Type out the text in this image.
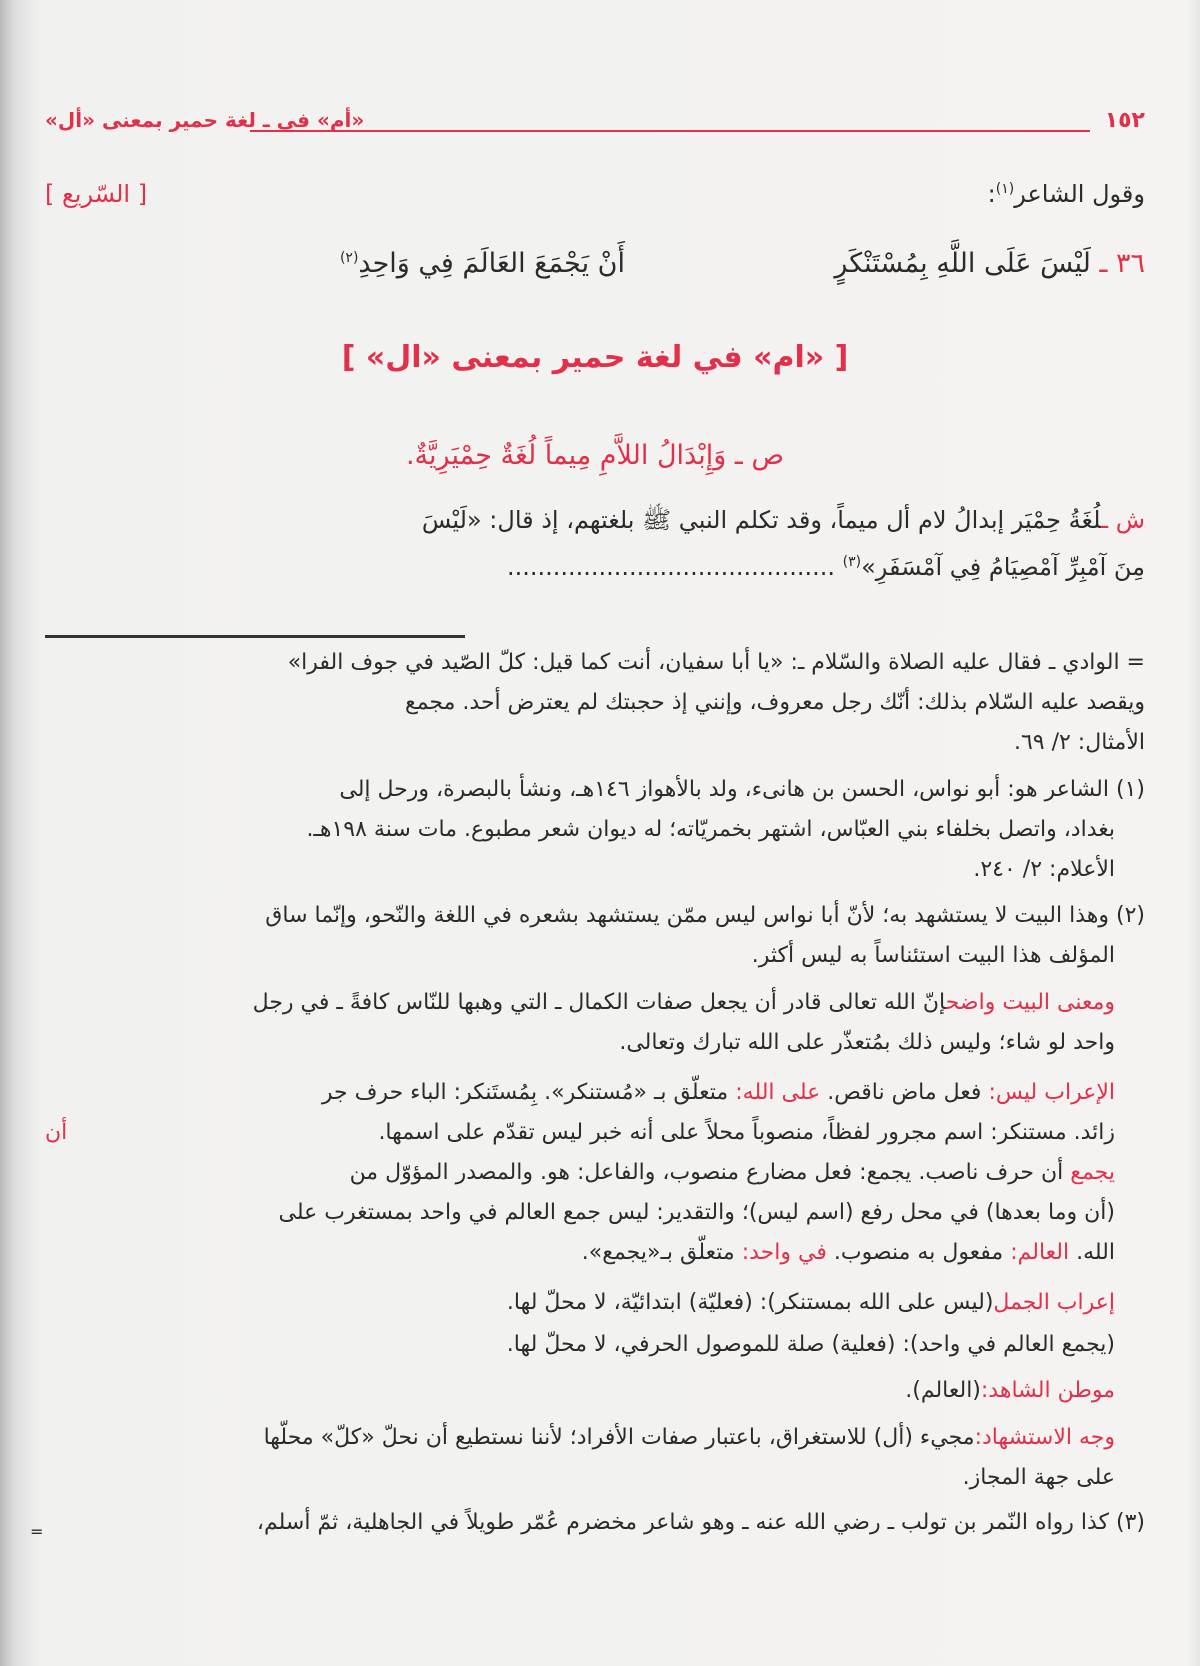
١٥٢
«أم» في ـ لغة حمير بمعنى «أل»
وقول الشاعر$^{(١)}$:
[ السّريع ]
٣٦ ـ لَيْسَ عَلَى اللَّهِ بِمُسْتَنْكَرٍ
أَنْ يَجْمَعَ العَالَمَ فِي وَاحِدِ$^{(٢)}$
[ «ام» في لغة حمير بمعنى «ال» ]
ص ـ وَإِبْدَالُ اللاَّمِ مِيماً لُغَةٌ حِمْيَرِيَّةٌ.
ش ـلُغَةُ حِمْيَر إبدالُ لام أل ميماً، وقد تكلم النبي ﷺ بلغتهم، إذ قال: «لَيْسَ
مِنَ آمْبِرِّ آمْصِيَامُ فِي آمْسَفَرِ»$^{(٣)}$ ...........................................
= الوادي ـ فقال عليه الصلاة والسّلام ـ: «يا أبا سفيان، أنت كما قيل: كلّ الصّيد في جوف الفرا»
ويقصد عليه السّلام بذلك: أنّك رجل معروف، وإنني إذ حجبتك لم يعترض أحد. مجمع
الأمثال: ٢/ ٦٩.
(١) الشاعر هو: أبو نواس، الحسن بن هانىء، ولد بالأهواز ١٤٦هـ، ونشأ بالبصرة، ورحل إلى
بغداد، واتصل بخلفاء بني العبّاس، اشتهر بخمريّاته؛ له ديوان شعر مطبوع. مات سنة ١٩٨هـ.
الأعلام: ٢/ ٢٤٠.
(٢) وهذا البيت لا يستشهد به؛ لأنّ أبا نواس ليس ممّن يستشهد بشعره في اللغة والنّحو، وإنّما ساق
المؤلف هذا البيت استئناساً به ليس أكثر.
ومعنى البيت واضحإنّ الله تعالى قادر أن يجعل صفات الكمال ـ التي وهبها للنّاس كافةً ـ في رجل
واحد لو شاء؛ وليس ذلك بمُتعذّر على الله تبارك وتعالى.
الإعراب ليس: فعل ماض ناقص. على الله: متعلّق بـ «مُستنكر». بِمُستَنكر: الباء حرف جر
زائد. مستنكر: اسم مجرور لفظاً، منصوباً محلاً على أنه خبر ليس تقدّم على اسمها.
أن
يجمع أن حرف ناصب. يجمع: فعل مضارع منصوب، والفاعل: هو. والمصدر المؤوّل من
(أن وما بعدها) في محل رفع (اسم ليس)؛ والتقدير: ليس جمع العالم في واحد بمستغرب على
الله. العالم: مفعول به منصوب. في واحد: متعلّق بـ«يجمع».
إعراب الجمل(ليس على الله بمستنكر): (فعليّة) ابتدائيّة، لا محلّ لها.
(يجمع العالم في واحد): (فعلية) صلة للموصول الحرفي، لا محلّ لها.
موطن الشاهد:(العالم).
وجه الاستشهاد:مجيء (أل) للاستغراق، باعتبار صفات الأفراد؛ لأننا نستطيع أن نحلّ «كلّ» محلّها
على جهة المجاز.
(٣) كذا رواه النّمر بن تولب ـ رضي الله عنه ـ وهو شاعر مخضرم عُمّر طويلاً في الجاهلية، ثمّ أسلم،
=
